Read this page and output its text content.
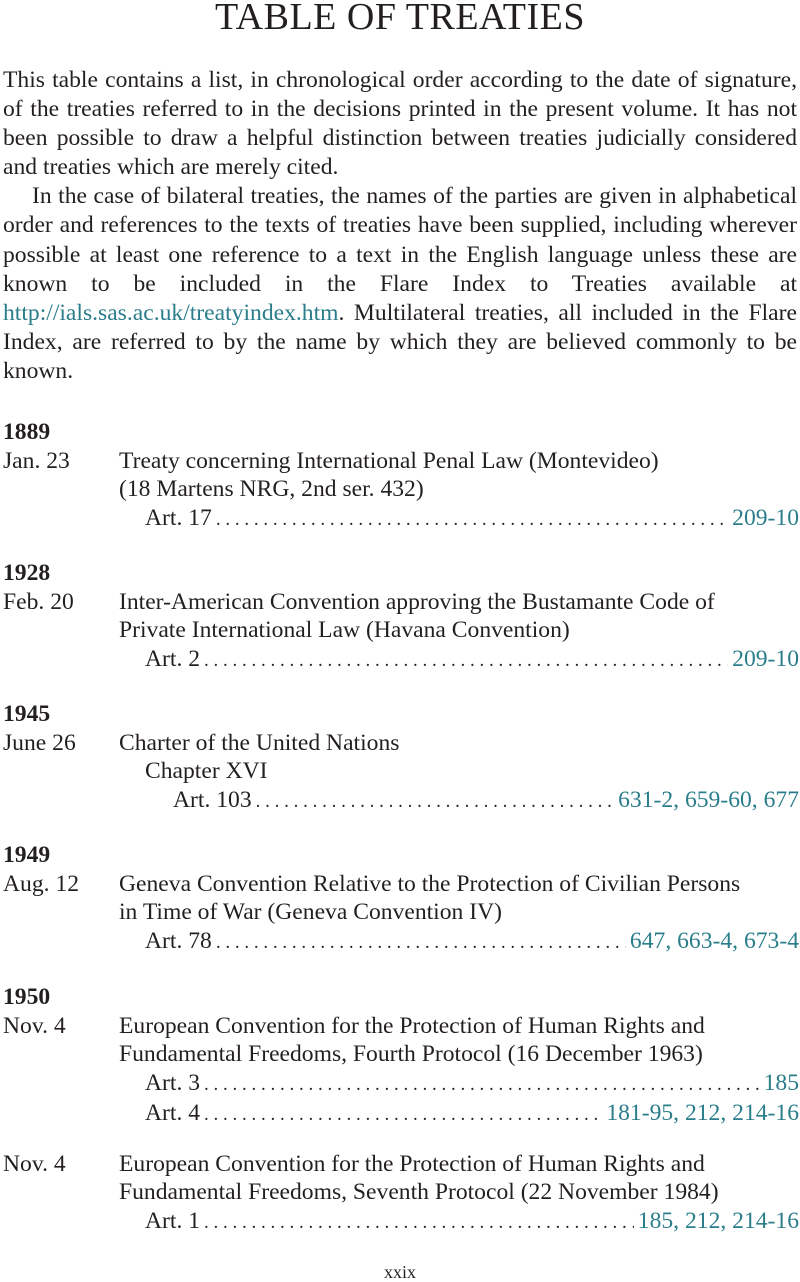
TABLE OF TREATIES

This table contains a list, in chronological order according to the date of signature, of the treaties referred to in the decisions printed in the present volume. It has not been possible to draw a helpful distinction between treaties judicially considered and treaties which are merely cited.

In the case of bilateral treaties, the names of the parties are given in alphabetical order and references to the texts of treaties have been supplied, including wherever possible at least one reference to a text in the English language unless these are known to be included in the Flare Index to Treaties available at http://ials.sas.ac.uk/treatyindex.htm. Multilateral treaties, all included in the Flare Index, are referred to by the name by which they are believed commonly to be known.

1889
Jan. 23 Treaty concerning International Penal Law (Montevideo)
(18 Martens NRG, 2nd ser. 432)
Art. 17 . . .	209-10
1928
Feb. 20 Inter-American Convention approving the Bustamante Code of
Private International Law (Havana Convention)
Art. 2 . . .	209-10
1945
June 26 Charter of the United Nations
Chapter XVI
Art. 103 . . .	631-2, 659-60, 677
1949
Aug. 12 Geneva Convention Relative to the Protection of Civilian Persons
in Time of War (Geneva Convention IV)
Art. 78 . . .	647, 663-4, 673-4
1950
Nov. 4 European Convention for the Protection of Human Rights and
Fundamental Freedoms, Fourth Protocol (16 December 1963)
Art. 3 . . .	185
Art. 4 . . .	181-95, 212, 214-16
Nov. 4 European Convention for the Protection of Human Rights and
Fundamental Freedoms, Seventh Protocol (22 November 1984)
Art. 1 . . .	185, 212, 214-16
xxix
